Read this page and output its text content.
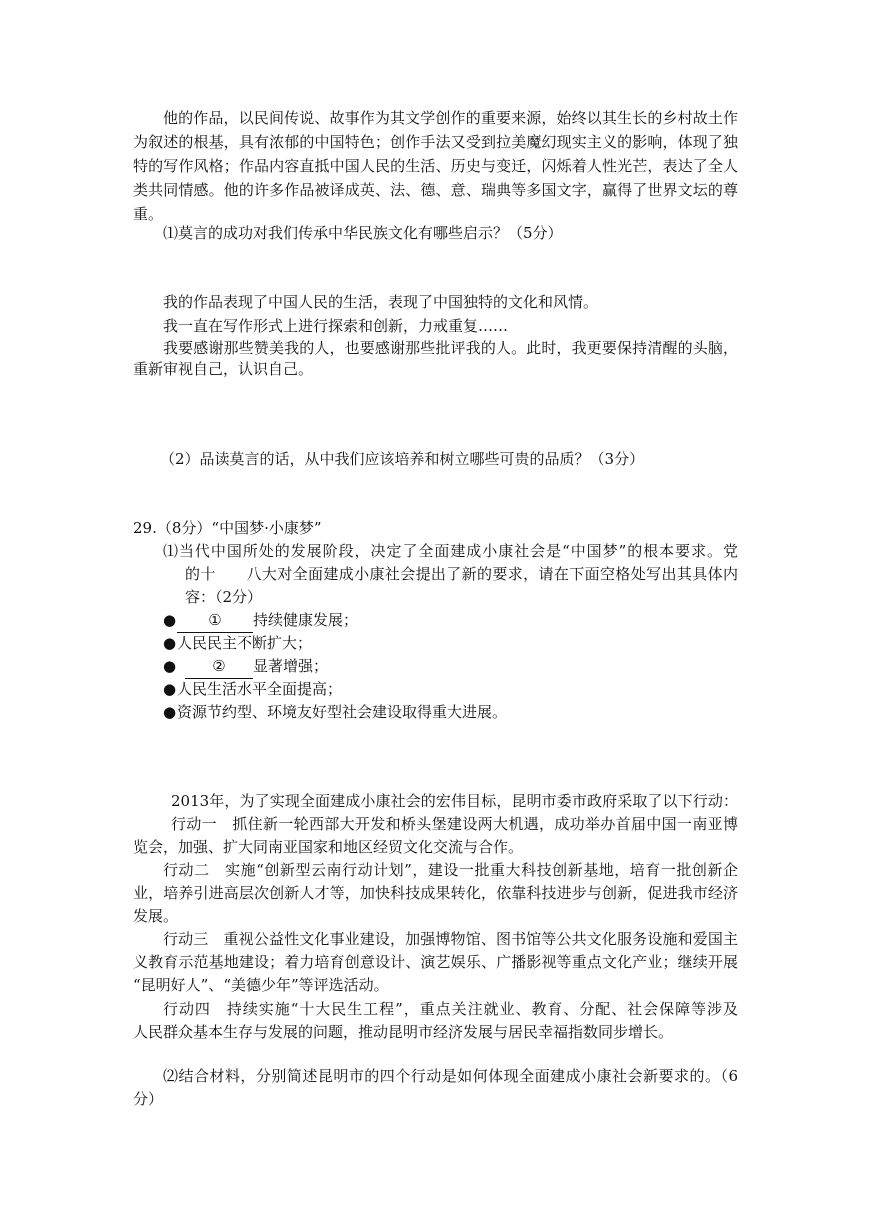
他的作品，以民间传说、故事作为其文学创作的重要来源，始终以其生长的乡村故土作

为叙述的根基，具有浓郁的中国特色；创作手法又受到拉美魔幻现实主义的影响，体现了独

特的写作风格；作品内容直抵中国人民的生活、历史与变迁，闪烁着人性光芒，表达了全人

类共同情感。他的许多作品被译成英、法、德、意、瑞典等多国文字，赢得了世界文坛的尊

重。

⑴莫言的成功对我们传承中华民族文化有哪些启示？（5分）

我的作品表现了中国人民的生活，表现了中国独特的文化和风情。

我一直在写作形式上进行探索和创新，力戒重复……

我要感谢那些赞美我的人，也要感谢那些批评我的人。此时，我更要保持清醒的头脑，

重新审视自己，认识自己。

（2）品读莫言的话，从中我们应该培养和树立哪些可贵的品质？（3分）

29.（8分）“中国梦·小康梦”

⑴当代中国所处的发展阶段，决定了全面建成小康社会是“中国梦”的根本要求。党

的十　　八大对全面建成小康社会提出了新的要求，请在下面空格处写出其具体内

容：（2分）

● ① 持续健康发展；

●人民民主不断扩大；

● ② 显著增强；

●人民生活水平全面提高；

●资源节约型、环境友好型社会建设取得重大进展。

2013年，为了实现全面建成小康社会的宏伟目标，昆明市委市政府采取了以下行动：

行动一　抓住新一轮西部大开发和桥头堡建设两大机遇，成功举办首届中国一南亚博

览会，加强、扩大同南亚国家和地区经贸文化交流与合作。

行动二　实施“创新型云南行动计划”，建设一批重大科技创新基地，培育一批创新企

业，培养引进高层次创新人才等，加快科技成果转化，依靠科技进步与创新，促进我市经济

发展。

行动三　重视公益性文化事业建设，加强博物馆、图书馆等公共文化服务设施和爱国主

义教育示范基地建设；着力培育创意设计、演艺娱乐、广播影视等重点文化产业；继续开展

“昆明好人”、“美德少年”等评选活动。

行动四　持续实施“十大民生工程”，重点关注就业、教育、分配、社会保障等涉及

人民群众基本生存与发展的问题，推动昆明市经济发展与居民幸福指数同步增长。

⑵结合材料，分别简述昆明市的四个行动是如何体现全面建成小康社会新要求的。（6

分）
